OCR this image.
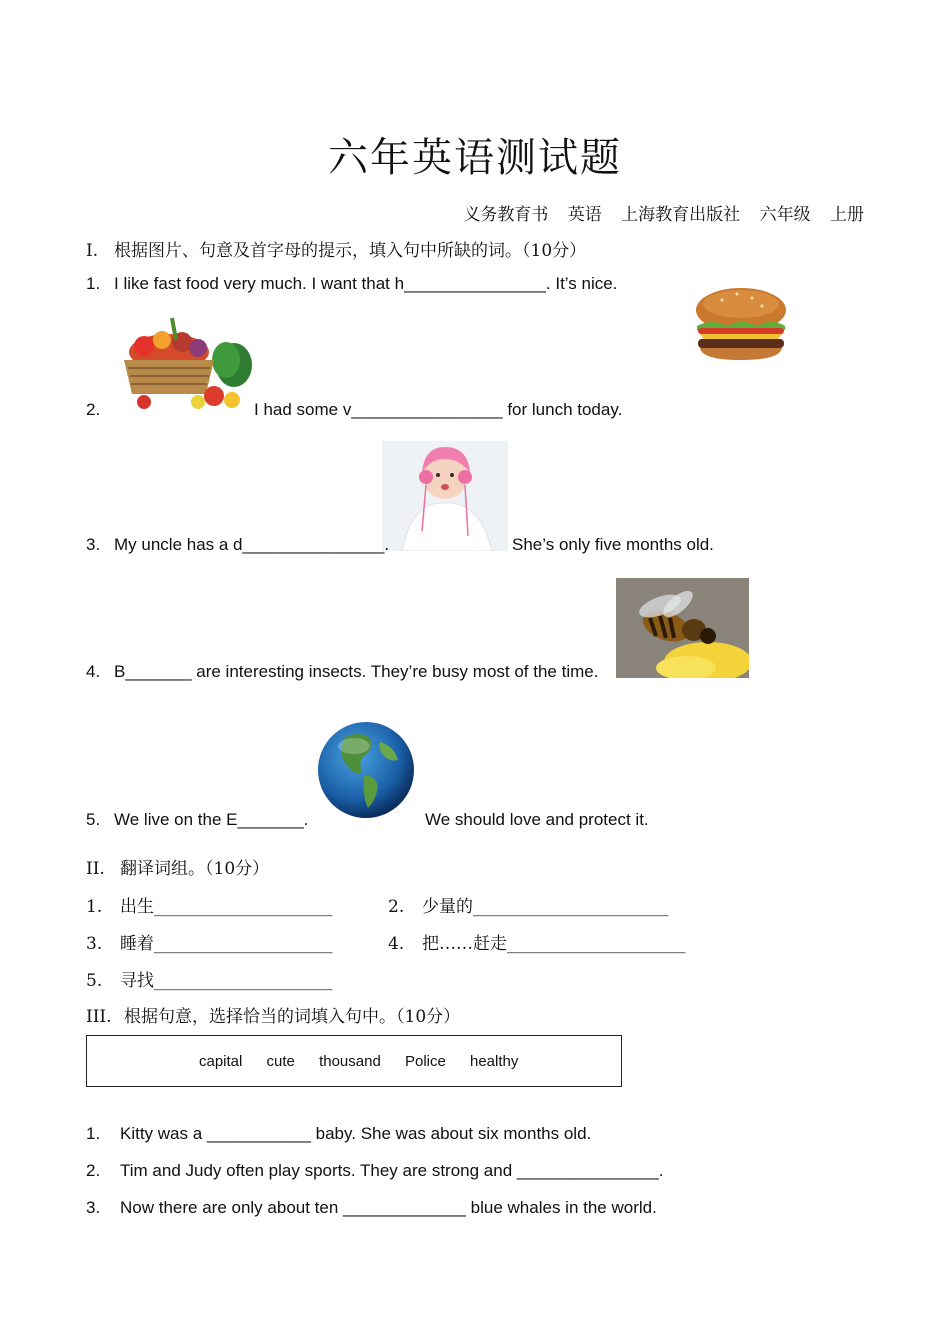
六年英语测试题
义务教育书 英语 上海教育出版社 六年级 上册
I. 根据图片、句意及首字母的提示，填入句中所缺的词。（10分）
1. I like fast food very much. I want that h_______________. It’s nice.
2.	I had some v________________ for lunch today.
3. My uncle has a d_______________.	She’s only five months old.
4. B_______ are interesting insects. They’re busy most of the time.
5. We live on the E_______.	We should love and protect it.
II. 翻译词组。（10分）
1. 出生_____________________	2. 少量的_______________________
3. 睡着_____________________	4. 把……赶走_____________________
5. 寻找_____________________
III. 根据句意，选择恰当的词填入句中。（10分）
capital cute thousand Police healthy
1. Kitty was a ___________ baby. She was about six months old.
2. Tim and Judy often play sports. They are strong and _______________.
3. Now there are only about ten _____________ blue whales in the world.
